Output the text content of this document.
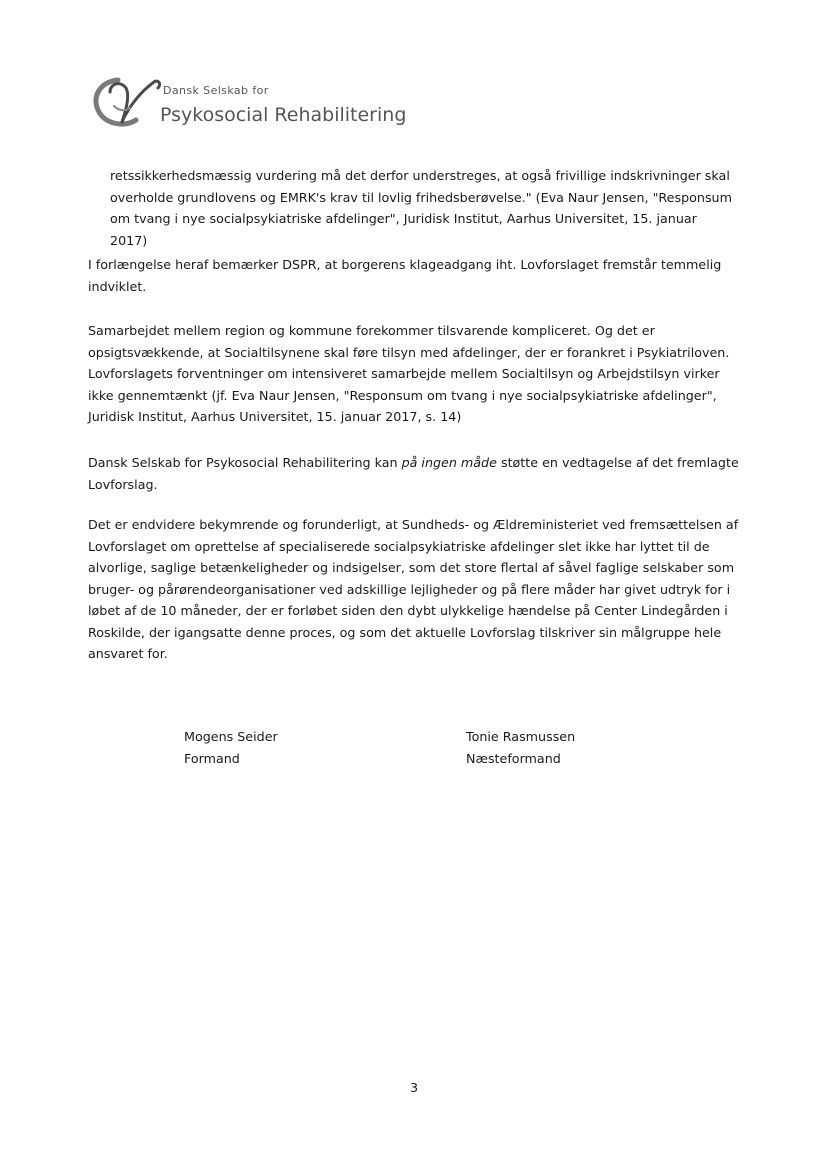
Dansk Selskab for
Psykosocial Rehabilitering

retssikkerhedsmæssig vurdering må det derfor understreges, at også frivillige indskrivninger skal overholde grundlovens og EMRK's krav til lovlig frihedsberøvelse." (Eva Naur Jensen, "Responsum om tvang i nye socialpsykiatriske afdelinger", Juridisk Institut, Aarhus Universitet, 15. januar 2017)

I forlængelse heraf bemærker DSPR, at borgerens klageadgang iht. Lovforslaget fremstår temmelig indviklet.

Samarbejdet mellem region og kommune forekommer tilsvarende kompliceret. Og det er opsigtsvækkende, at Socialtilsynene skal føre tilsyn med afdelinger, der er forankret i Psykiatriloven. Lovforslagets forventninger om intensiveret samarbejde mellem Socialtilsyn og Arbejdstilsyn virker ikke gennemtænkt (jf. Eva Naur Jensen, "Responsum om tvang i nye socialpsykiatriske afdelinger", Juridisk Institut, Aarhus Universitet, 15. januar 2017, s. 14)

Dansk Selskab for Psykosocial Rehabilitering kan på ingen måde støtte en vedtagelse af det fremlagte Lovforslag.

Det er endvidere bekymrende og forunderligt, at Sundheds- og Ældreministeriet ved fremsættelsen af Lovforslaget om oprettelse af specialiserede socialpsykiatriske afdelinger slet ikke har lyttet til de alvorlige, saglige betænkeligheder og indsigelser, som det store flertal af såvel faglige selskaber som bruger- og pårørendeorganisationer ved adskillige lejligheder og på flere måder har givet udtryk for i løbet af de 10 måneder, der er forløbet siden den dybt ulykkelige hændelse på Center Lindegården i Roskilde, der igangsatte denne proces, og som det aktuelle Lovforslag tilskriver sin målgruppe hele ansvaret for.

Mogens Seider
Formand
Tonie Rasmussen
Næsteformand
3
